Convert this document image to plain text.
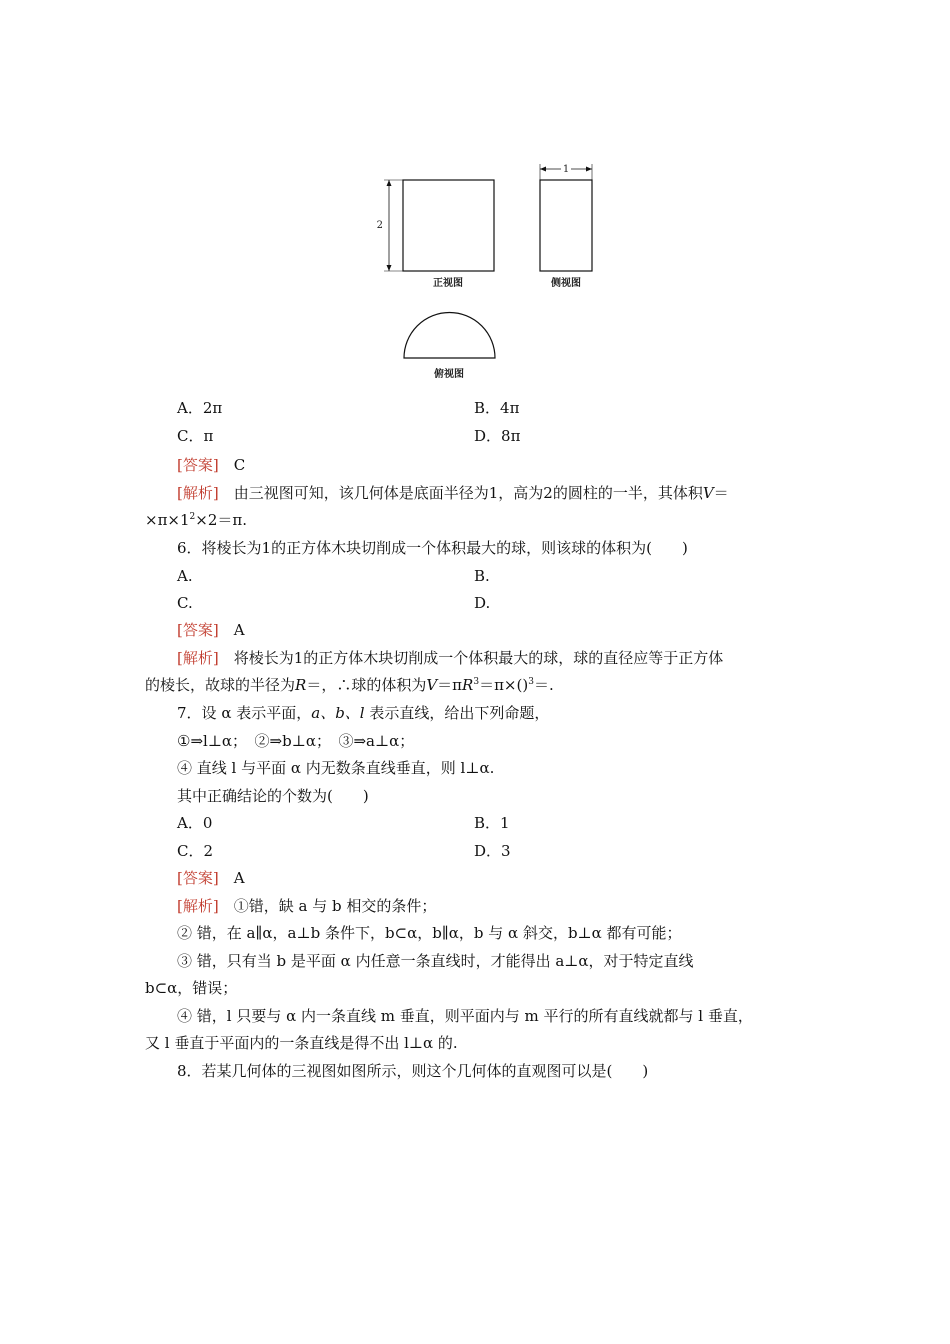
2
正视图
1
侧视图
俯视图
A．2π	B．4π
C．π	D．8π
[答案]　 C
[解析]　 由三视图可知，该几何体是底面半径为1，高为2的圆柱的一半，其体积V＝
$\times\pi\times 1^2\times 2=\pi$.
6．将棱长为1的正方体木块切削成一个体积最大的球，则该球的体积为(　　)
A.	B.
C.	D.
[答案]　 A
[解析]　 将棱长为1的正方体木块切削成一个体积最大的球，球的直径应等于正方体
的棱长，故球的半径为R＝，∴球的体积为$V=\pi R^3=\pi\times()^3=$.
7．设 α 表示平面，a、b、l 表示直线，给出下列命题，
①⇒l⊥α；　②⇒b⊥α；　③⇒a⊥α；
④ 直线 l 与平面 α 内无数条直线垂直，则 l⊥α.
其中正确结论的个数为(　　)
A．0	B．1
C．2	D．3
[答案]　 A
[解析]　 ①错，缺 a 与 b 相交的条件；
② 错，在 a∥α，a⊥b 条件下，b⊂α，b∥α，b 与 α 斜交，b⊥α 都有可能；
③ 错，只有当 b 是平面 α 内任意一条直线时，才能得出 a⊥α，对于特定直线
b⊂α，错误；
④ 错，l 只要与 α 内一条直线 m 垂直，则平面内与 m 平行的所有直线就都与 l 垂直，
又 l 垂直于平面内的一条直线是得不出 l⊥α 的.
8．若某几何体的三视图如图所示，则这个几何体的直观图可以是(　　)
